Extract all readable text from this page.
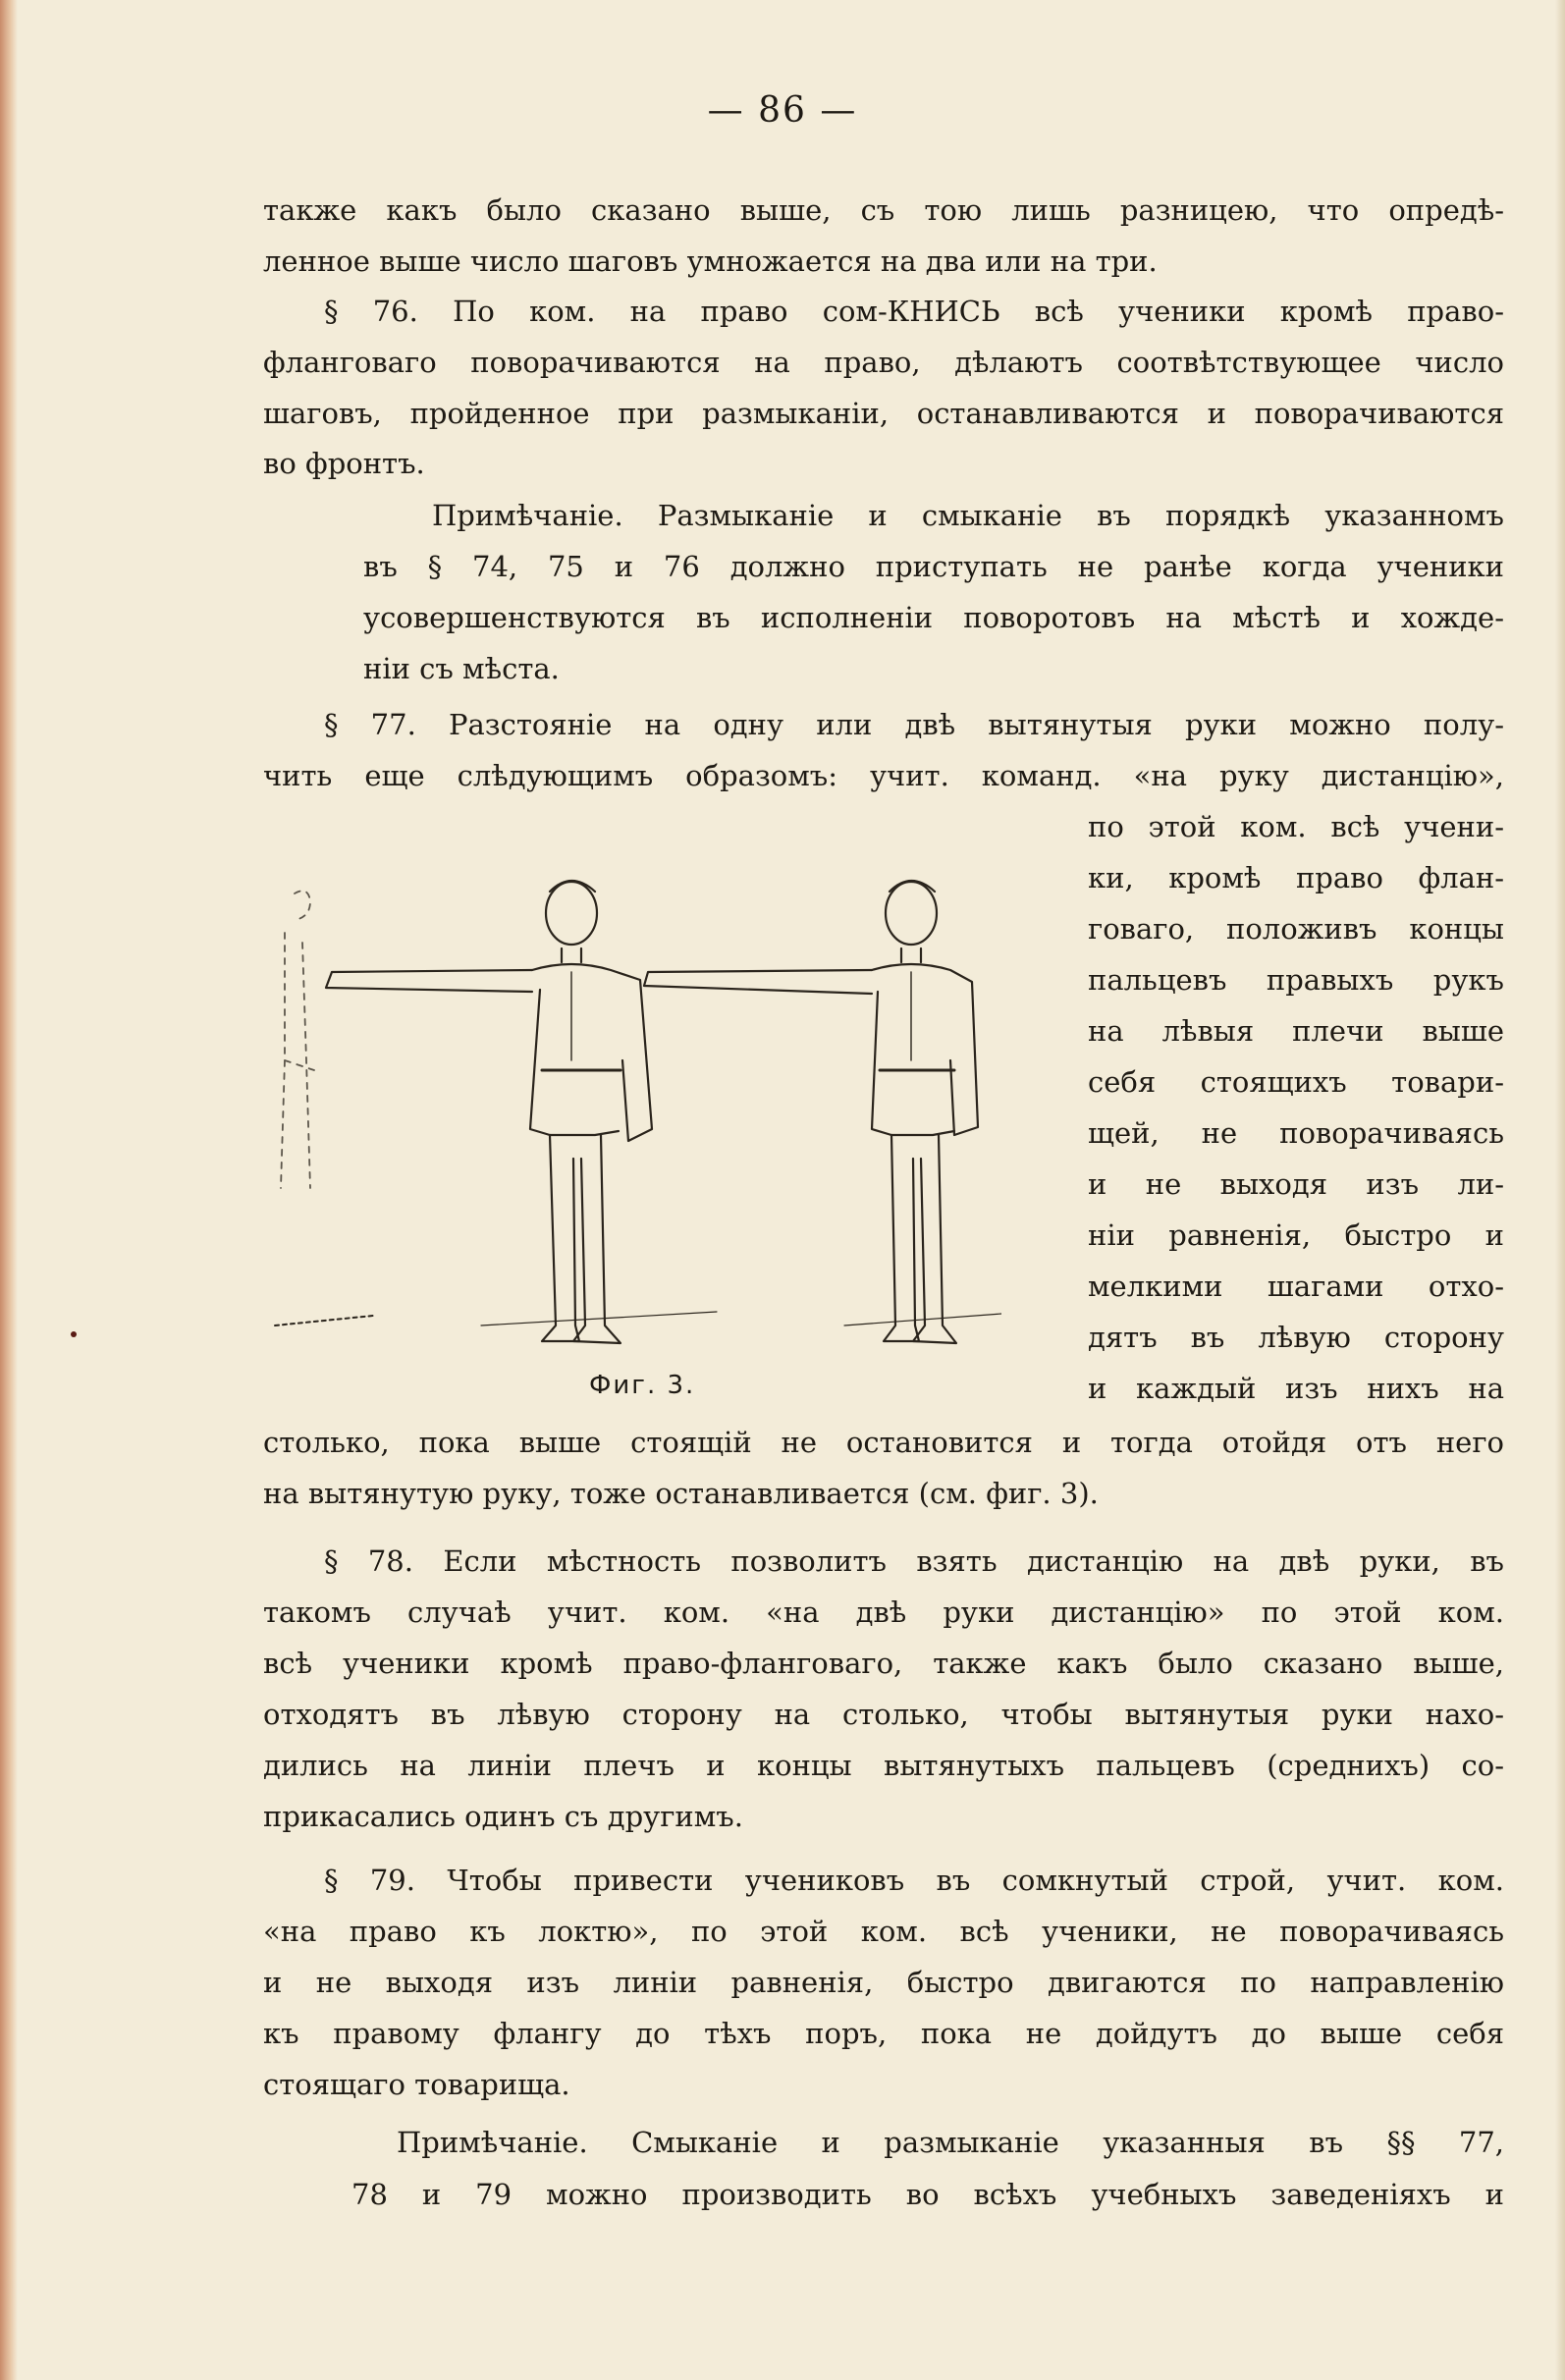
— 86 —
также какъ было сказано выше, съ тою лишь разницею, что опредѣ-
ленное выше число шаговъ умножается на два или на три.
§ 76. По ком. на право сом-КНИСЬ всѣ ученики кромѣ право-
фланговаго поворачиваются на право, дѣлаютъ соотвѣтствующее число
шаговъ, пройденное при размыканіи, останавливаются и поворачиваются
во фронтъ.
Примѣчаніе. Размыканіе и смыканіе въ порядкѣ указанномъ
въ § 74, 75 и 76 должно приступать не ранѣе когда ученики
усовершенствуются въ исполненіи поворотовъ на мѣстѣ и хожде-
ніи съ мѣста.
§ 77. Разстояніе на одну или двѣ вытянутыя руки можно полу-
чить еще слѣдующимъ образомъ: учит. команд. «на руку дистанцію»,
по этой ком. всѣ учени-
ки, кромѣ право флан-
говаго, положивъ концы
пальцевъ правыхъ рукъ
на лѣвыя плечи выше
себя стоящихъ товари-
щей, не поворачиваясь
и не выходя изъ ли-
ніи равненія, быстро и
мелкими шагами отхо-
дятъ въ лѣвую сторону
и каждый изъ нихъ на
Фиг. 3.
столько, пока выше стоящій не остановится и тогда отойдя отъ него
на вытянутую руку, тоже останавливается (см. фиг. 3).
§ 78. Если мѣстность позволитъ взять дистанцію на двѣ руки, въ
такомъ случаѣ учит. ком. «на двѣ руки дистанцію» по этой ком.
всѣ ученики кромѣ право-фланговаго, также какъ было сказано выше,
отходятъ въ лѣвую сторону на столько, чтобы вытянутыя руки нахо-
дились на линіи плечъ и концы вытянутыхъ пальцевъ (среднихъ) со-
прикасались одинъ съ другимъ.
§ 79. Чтобы привести учениковъ въ сомкнутый строй, учит. ком.
«на право къ локтю», по этой ком. всѣ ученики, не поворачиваясь
и не выходя изъ линіи равненія, быстро двигаются по направленію
къ правому флангу до тѣхъ поръ, пока не дойдутъ до выше себя
стоящаго товарища.
Примѣчаніе. Смыканіе и размыканіе указанныя въ §§ 77,
78 и 79 можно производить во всѣхъ учебныхъ заведеніяхъ и
